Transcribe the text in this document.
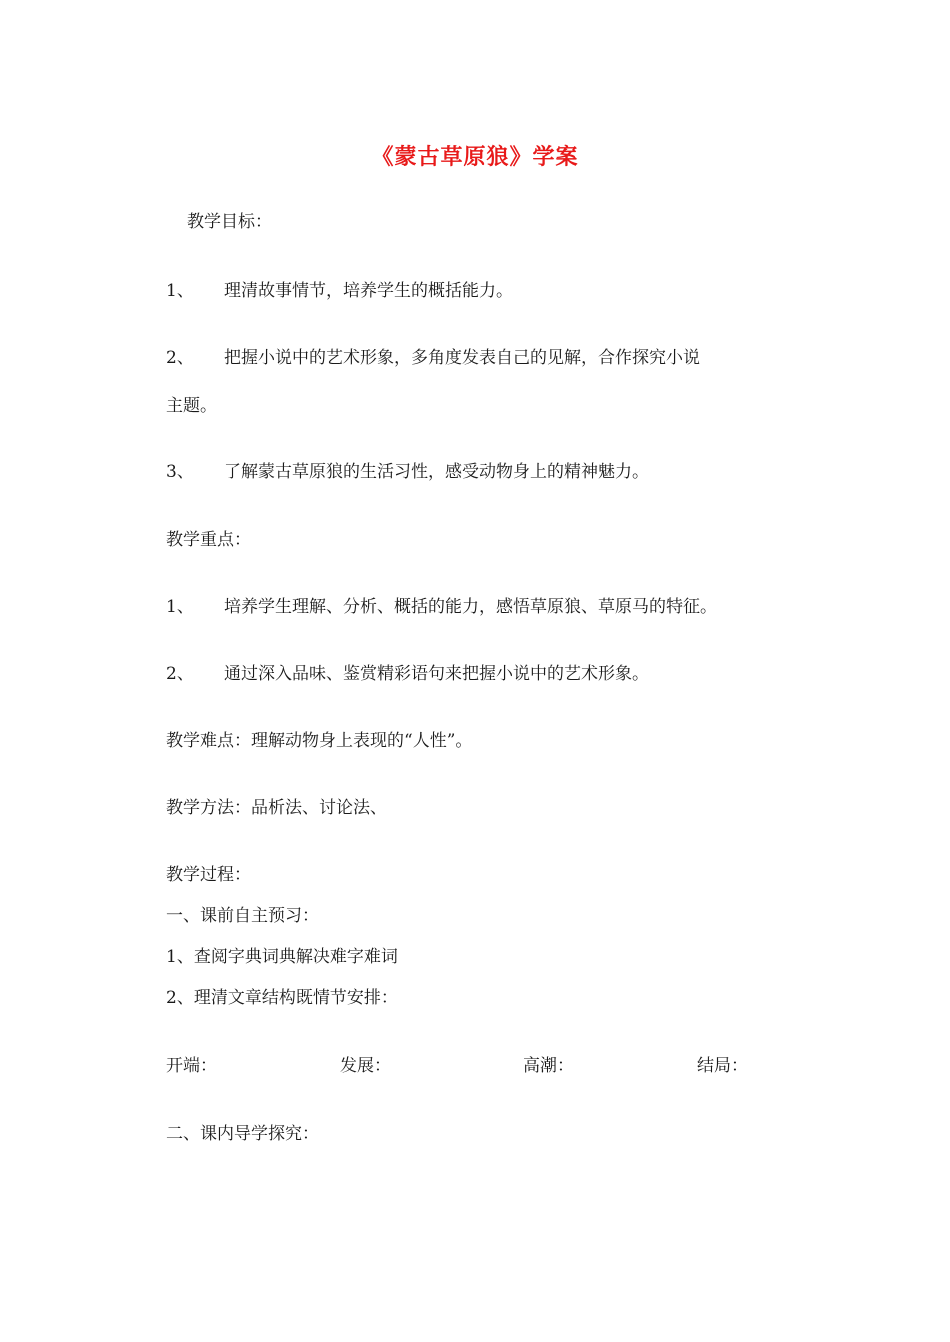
《蒙古草原狼》学案
教学目标：
1、 理清故事情节，培养学生的概括能力。
2、 把握小说中的艺术形象，多角度发表自己的见解，合作探究小说
主题。
3、 了解蒙古草原狼的生活习性，感受动物身上的精神魅力。
教学重点：
1、 培养学生理解、分析、概括的能力，感悟草原狼、草原马的特征。
2、 通过深入品味、鉴赏精彩语句来把握小说中的艺术形象。
教学难点：理解动物身上表现的“人性”。
教学方法：品析法、讨论法、
教学过程：
一、课前自主预习：
1、查阅字典词典解决难字难词
2、理清文章结构既情节安排：
开端：	发展：	高潮：	结局：
二、课内导学探究：
